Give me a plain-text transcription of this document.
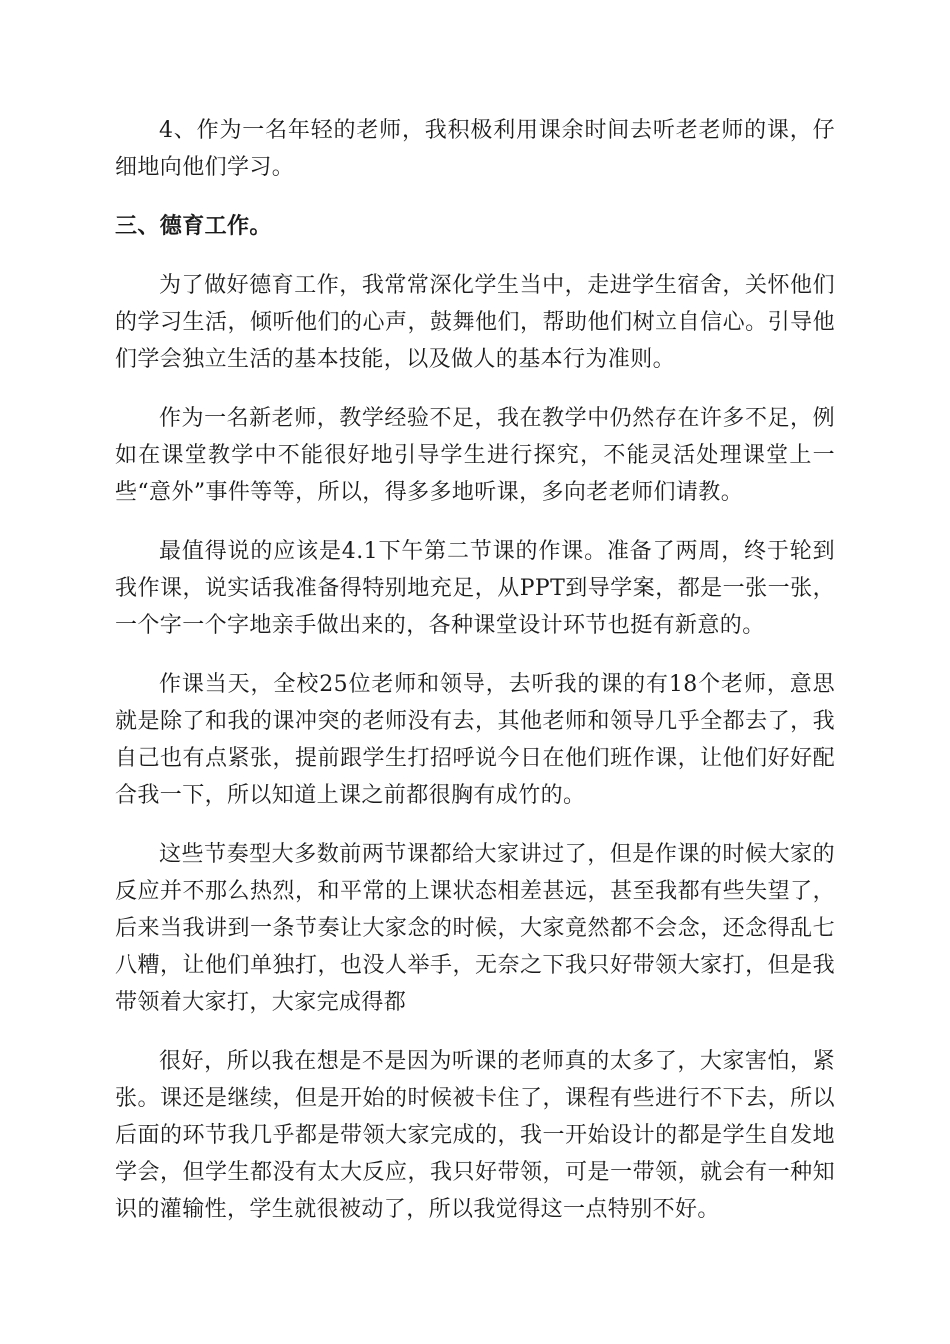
4、作为一名年轻的老师，我积极利用课余时间去听老老师的课，仔细地向他们学习。

三、德育工作。

为了做好德育工作，我常常深化学生当中，走进学生宿舍，关怀他们的学习生活，倾听他们的心声，鼓舞他们，帮助他们树立自信心。引导他们学会独立生活的基本技能，以及做人的基本行为准则。

作为一名新老师，教学经验不足，我在教学中仍然存在许多不足，例如在课堂教学中不能很好地引导学生进行探究，不能灵活处理课堂上一些“意外”事件等等，所以，得多多地听课，多向老老师们请教。

最值得说的应该是4.1下午第二节课的作课。准备了两周，终于轮到我作课，说实话我准备得特别地充足，从PPT到导学案，都是一张一张，一个字一个字地亲手做出来的，各种课堂设计环节也挺有新意的。

作课当天，全校25位老师和领导，去听我的课的有18个老师，意思就是除了和我的课冲突的老师没有去，其他老师和领导几乎全都去了，我自己也有点紧张，提前跟学生打招呼说今日在他们班作课，让他们好好配合我一下，所以知道上课之前都很胸有成竹的。

这些节奏型大多数前两节课都给大家讲过了，但是作课的时候大家的反应并不那么热烈，和平常的上课状态相差甚远，甚至我都有些失望了，后来当我讲到一条节奏让大家念的时候，大家竟然都不会念，还念得乱七八糟，让他们单独打，也没人举手，无奈之下我只好带领大家打，但是我带领着大家打，大家完成得都

很好，所以我在想是不是因为听课的老师真的太多了，大家害怕，紧张。课还是继续，但是开始的时候被卡住了，课程有些进行不下去，所以后面的环节我几乎都是带领大家完成的，我一开始设计的都是学生自发地学会，但学生都没有太大反应，我只好带领，可是一带领，就会有一种知识的灌输性，学生就很被动了，所以我觉得这一点特别不好。
